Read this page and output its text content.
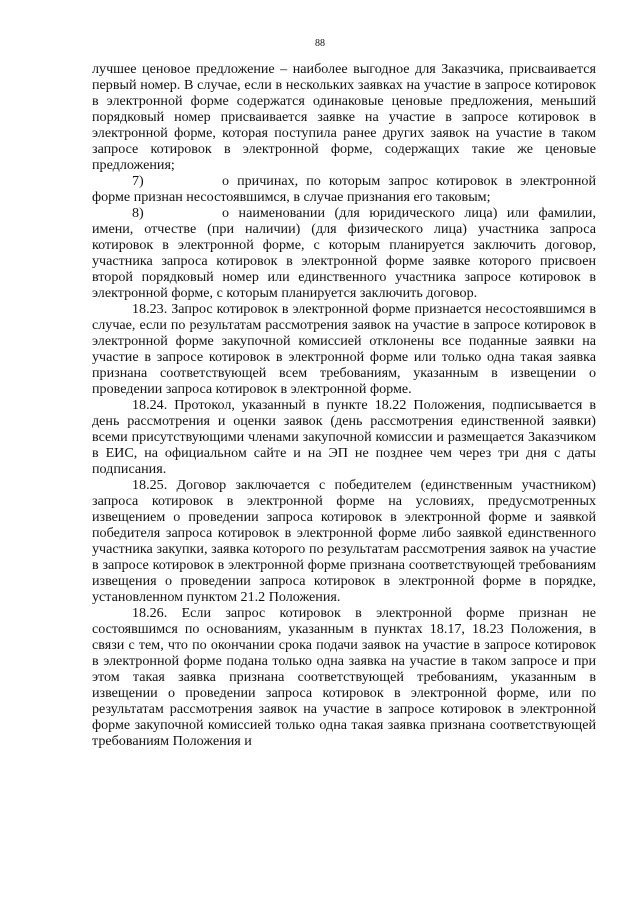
88

лучшее ценовое предложение – наиболее выгодное для Заказчика, присваивается первый номер. В случае, если в нескольких заявках на участие в запросе котировок в электронной форме содержатся одинаковые ценовые предложения, меньший порядковый номер присваивается заявке на участие в запросе котировок в электронной форме, которая поступила ранее других заявок на участие в таком запросе котировок в электронной форме, содержащих такие же ценовые предложения;

7)	о причинах, по которым запрос котировок в электронной форме признан несостоявшимся, в случае признания его таковым;

8)	о наименовании (для юридического лица) или фамилии, имени, отчестве (при наличии) (для физического лица) участника запроса котировок в электронной форме, с которым планируется заключить договор, участника запроса котировок в электронной форме заявке которого присвоен второй порядковый номер или единственного участника запросе котировок в электронной форме, с которым планируется заключить договор.

18.23. Запрос котировок в электронной форме признается несостоявшимся в случае, если по результатам рассмотрения заявок на участие в запросе котировок в электронной форме закупочной комиссией отклонены все поданные заявки на участие в запросе котировок в электронной форме или только одна такая заявка признана соответствующей всем требованиям, указанным в извещении о проведении запроса котировок в электронной форме.

18.24. Протокол, указанный в пункте 18.22 Положения, подписывается в день рассмотрения и оценки заявок (день рассмотрения единственной заявки) всеми присутствующими членами закупочной комиссии и размещается Заказчиком в ЕИС, на официальном сайте и на ЭП не позднее чем через три дня с даты подписания.

18.25. Договор заключается с победителем (единственным участником) запроса котировок в электронной форме на условиях, предусмотренных извещением о проведении запроса котировок в электронной форме и заявкой победителя запроса котировок в электронной форме либо заявкой единственного участника закупки, заявка которого по результатам рассмотрения заявок на участие в запросе котировок в электронной форме признана соответствующей требованиям извещения о проведении запроса котировок в электронной форме в порядке, установленном пунктом 21.2 Положения.

18.26. Если запрос котировок в электронной форме признан не состоявшимся по основаниям, указанным в пунктах 18.17, 18.23 Положения, в связи с тем, что по окончании срока подачи заявок на участие в запросе котировок в электронной форме подана только одна заявка на участие в таком запросе и при этом такая заявка признана соответствующей требованиям, указанным в извещении о проведении запроса котировок в электронной форме, или по результатам рассмотрения заявок на участие в запросе котировок в электронной форме закупочной комиссией только одна такая заявка признана соответствующей требованиям Положения и
